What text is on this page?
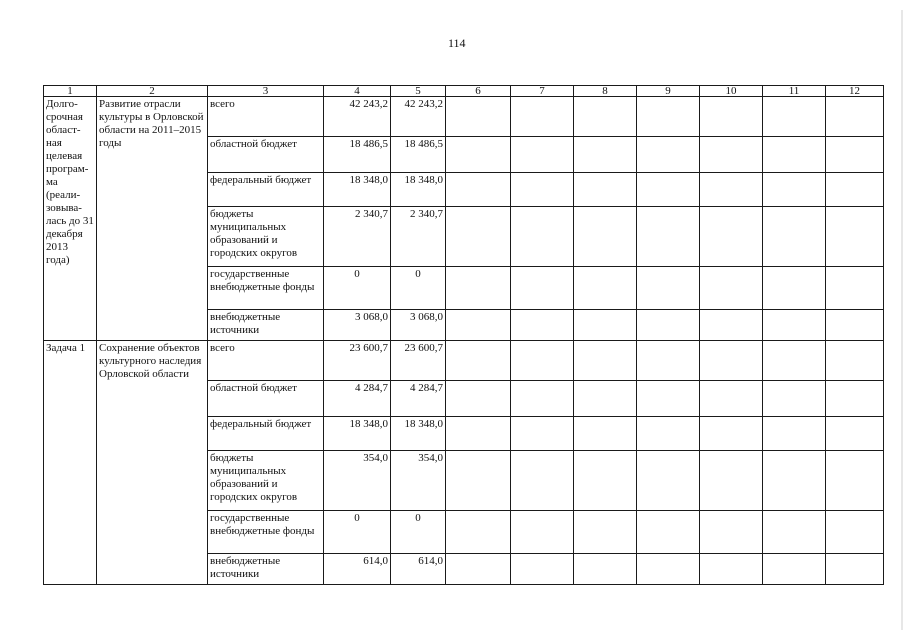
114
1	2	3	4	5	6	7	8	9	10	11	12
Долго-срочная област-ная целевая програм-ма (реали-зовыва-лась до 31 декабря 2013 года)	Развитие отрасли культуры в Орловской области на 2011–2015 годы	всего	42 243,2	42 243,2							
		областной бюджет	18 486,5	18 486,5							
		федеральный бюджет	18 348,0	18 348,0							
		бюджеты муниципальных образований и городских округов	2 340,7	2 340,7							
		государственные внебюджетные фонды	0	0							
		внебюджетные источники	3 068,0	3 068,0							
Задача 1	Сохранение объектов культурного наследия Орловской области	всего	23 600,7	23 600,7							
		областной бюджет	4 284,7	4 284,7							
		федеральный бюджет	18 348,0	18 348,0							
		бюджеты муниципальных образований и городских округов	354,0	354,0							
		государственные внебюджетные фонды	0	0							
		внебюджетные источники	614,0	614,0							
